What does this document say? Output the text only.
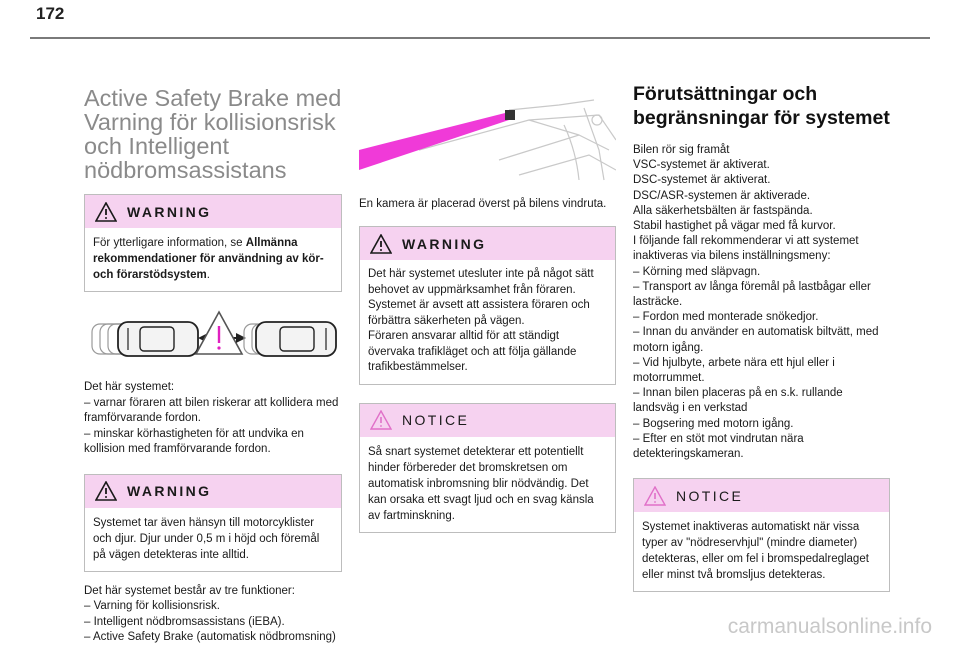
172
Active Safety Brake med Varning för kollisionsrisk och Intelligent nödbromsassistans
WARNING
För ytterligare information, se Allmänna rekommendationer för användning av kör- och förarstödsystem.
Det här systemet:
– varnar föraren att bilen riskerar att kollidera med framförvarande fordon.
– minskar körhastigheten för att undvika en kollision med framförvarande fordon.
WARNING
Systemet tar även hänsyn till motorcyklister och djur. Djur under 0,5 m i höjd och föremål på vägen detekteras inte alltid.
Det här systemet består av tre funktioner:
– Varning för kollisionsrisk.
– Intelligent nödbromsassistans (iEBA).
– Active Safety Brake (automatisk nödbromsning)
En kamera är placerad överst på bilens vindruta.
WARNING
Det här systemet utesluter inte på något sätt behovet av uppmärksamhet från föraren. Systemet är avsett att assistera föraren och förbättra säkerheten på vägen.
Föraren ansvarar alltid för att ständigt övervaka trafikläget och att följa gällande trafikbestämmelser.
NOTICE
Så snart systemet detekterar ett potentiellt hinder förbereder det bromskretsen om automatisk inbromsning blir nödvändig. Det kan orsaka ett svagt ljud och en svag känsla av fartminskning.
Förutsättningar och begränsningar för systemet
Bilen rör sig framåt
VSC-systemet är aktiverat.
DSC-systemet är aktiverat.
DSC/ASR-systemen är aktiverade.
Alla säkerhetsbälten är fastspända.
Stabil hastighet på vägar med få kurvor.
I följande fall rekommenderar vi att systemet inaktiveras via bilens inställningsmeny:
– Körning med släpvagn.
– Transport av långa föremål på lastbågar eller lasträcke.
– Fordon med monterade snökedjor.
– Innan du använder en automatisk biltvätt, med motorn igång.
– Vid hjulbyte, arbete nära ett hjul eller i motorrummet.
– Innan bilen placeras på en s.k. rullande landsväg i en verkstad
– Bogsering med motorn igång.
– Efter en stöt mot vindrutan nära detekteringskameran.
NOTICE
Systemet inaktiveras automatiskt när vissa typer av "nödreservhjul" (mindre diameter) detekteras, eller om fel i bromspedalreglaget eller minst två bromsljus detekteras.
carmanualsonline.info
